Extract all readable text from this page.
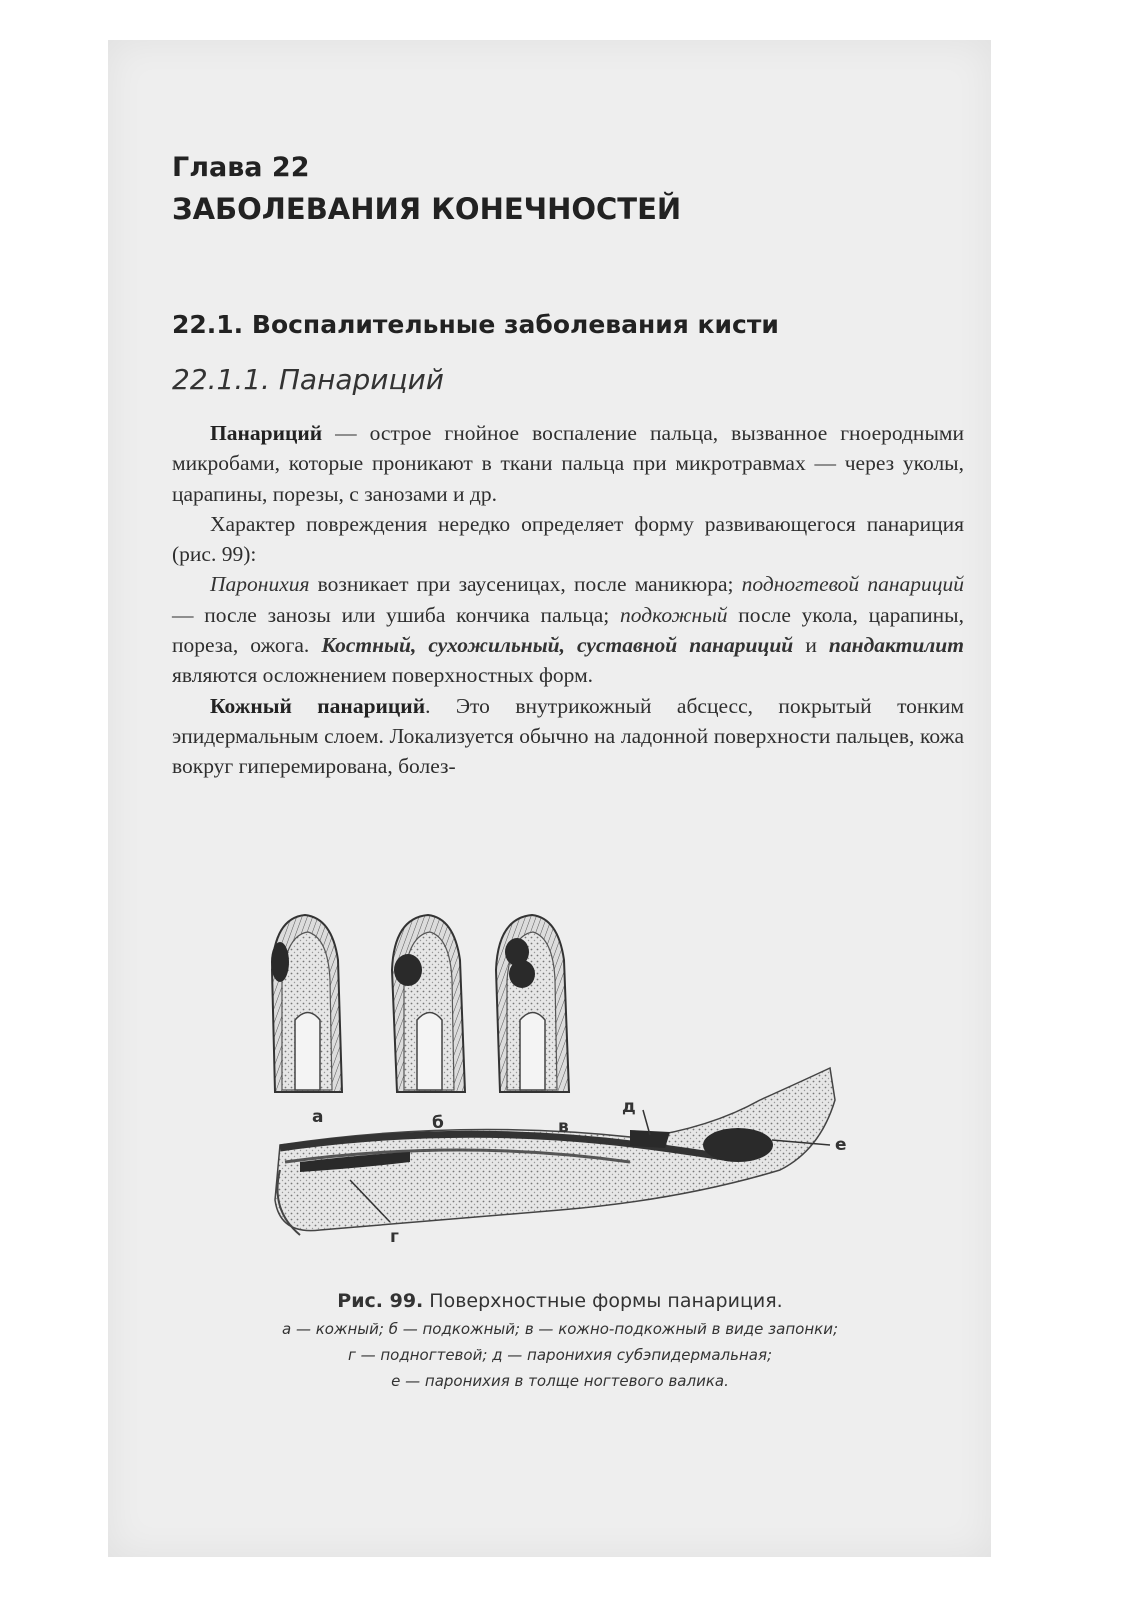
Глава 22
ЗАБОЛЕВАНИЯ КОНЕЧНОСТЕЙ
22.1. Воспалительные заболевания кисти
22.1.1. Панариций

Панариций — острое гнойное воспаление пальца, вызванное гноеродными микробами, которые проникают в ткани пальца при микротравмах — через уколы, царапины, порезы, с занозами и др.

Характер повреждения нередко определяет форму развивающегося панариция (рис. 99):

Паронихия возникает при заусеницах, после маникюра; подногтевой панариций — после занозы или ушиба кончика пальца; подкожный после укола, царапины, пореза, ожога. Костный, сухожильный, суставной панариций и пандактилит являются осложнением поверхностных форм.

Кожный панариций. Это внутрикожный абсцесс, покрытый тонким эпидермальным слоем. Локализуется обычно на ладонной поверхности пальцев, кожа вокруг гиперемирована, болез-

а	б	в
д
е
г
Рис. 99. Поверхностные формы панариция.
а — кожный; б — подкожный; в — кожно-подкожный в виде запонки;
г — подногтевой; д — паронихия субэпидермальная;
е — паронихия в толще ногтевого валика.
